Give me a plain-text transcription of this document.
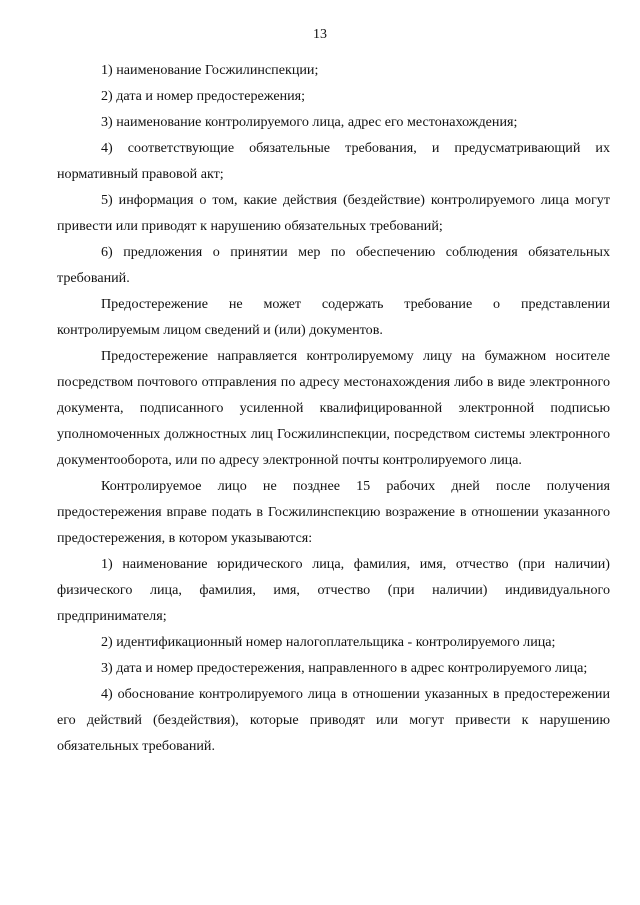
13

1) наименование Госжилинспекции;

2) дата и номер предостережения;

3) наименование контролируемого лица, адрес его местонахождения;

4) соответствующие обязательные требования, и предусматривающий их нормативный правовой акт;

5) информация о том, какие действия (бездействие) контролируемого лица могут привести или приводят к нарушению обязательных требований;

6) предложения о принятии мер по обеспечению соблюдения обязательных требований.

Предостережение не может содержать требование о представлении контролируемым лицом сведений и (или) документов.

Предостережение направляется контролируемому лицу на бумажном носителе посредством почтового отправления по адресу местонахождения либо в виде электронного документа, подписанного усиленной квалифицированной электронной подписью уполномоченных должностных лиц Госжилинспекции, посредством системы электронного документооборота, или по адресу электронной почты контролируемого лица.

Контролируемое лицо не позднее 15 рабочих дней после получения предостережения вправе подать в Госжилинспекцию возражение в отношении указанного предостережения, в котором указываются:

1) наименование юридического лица, фамилия, имя, отчество (при наличии) физического лица, фамилия, имя, отчество (при наличии) индивидуального предпринимателя;

2) идентификационный номер налогоплательщика - контролируемого лица;

3) дата и номер предостережения, направленного в адрес контролируемого лица;

4) обоснование контролируемого лица в отношении указанных в предостережении его действий (бездействия), которые приводят или могут привести к нарушению обязательных требований.
